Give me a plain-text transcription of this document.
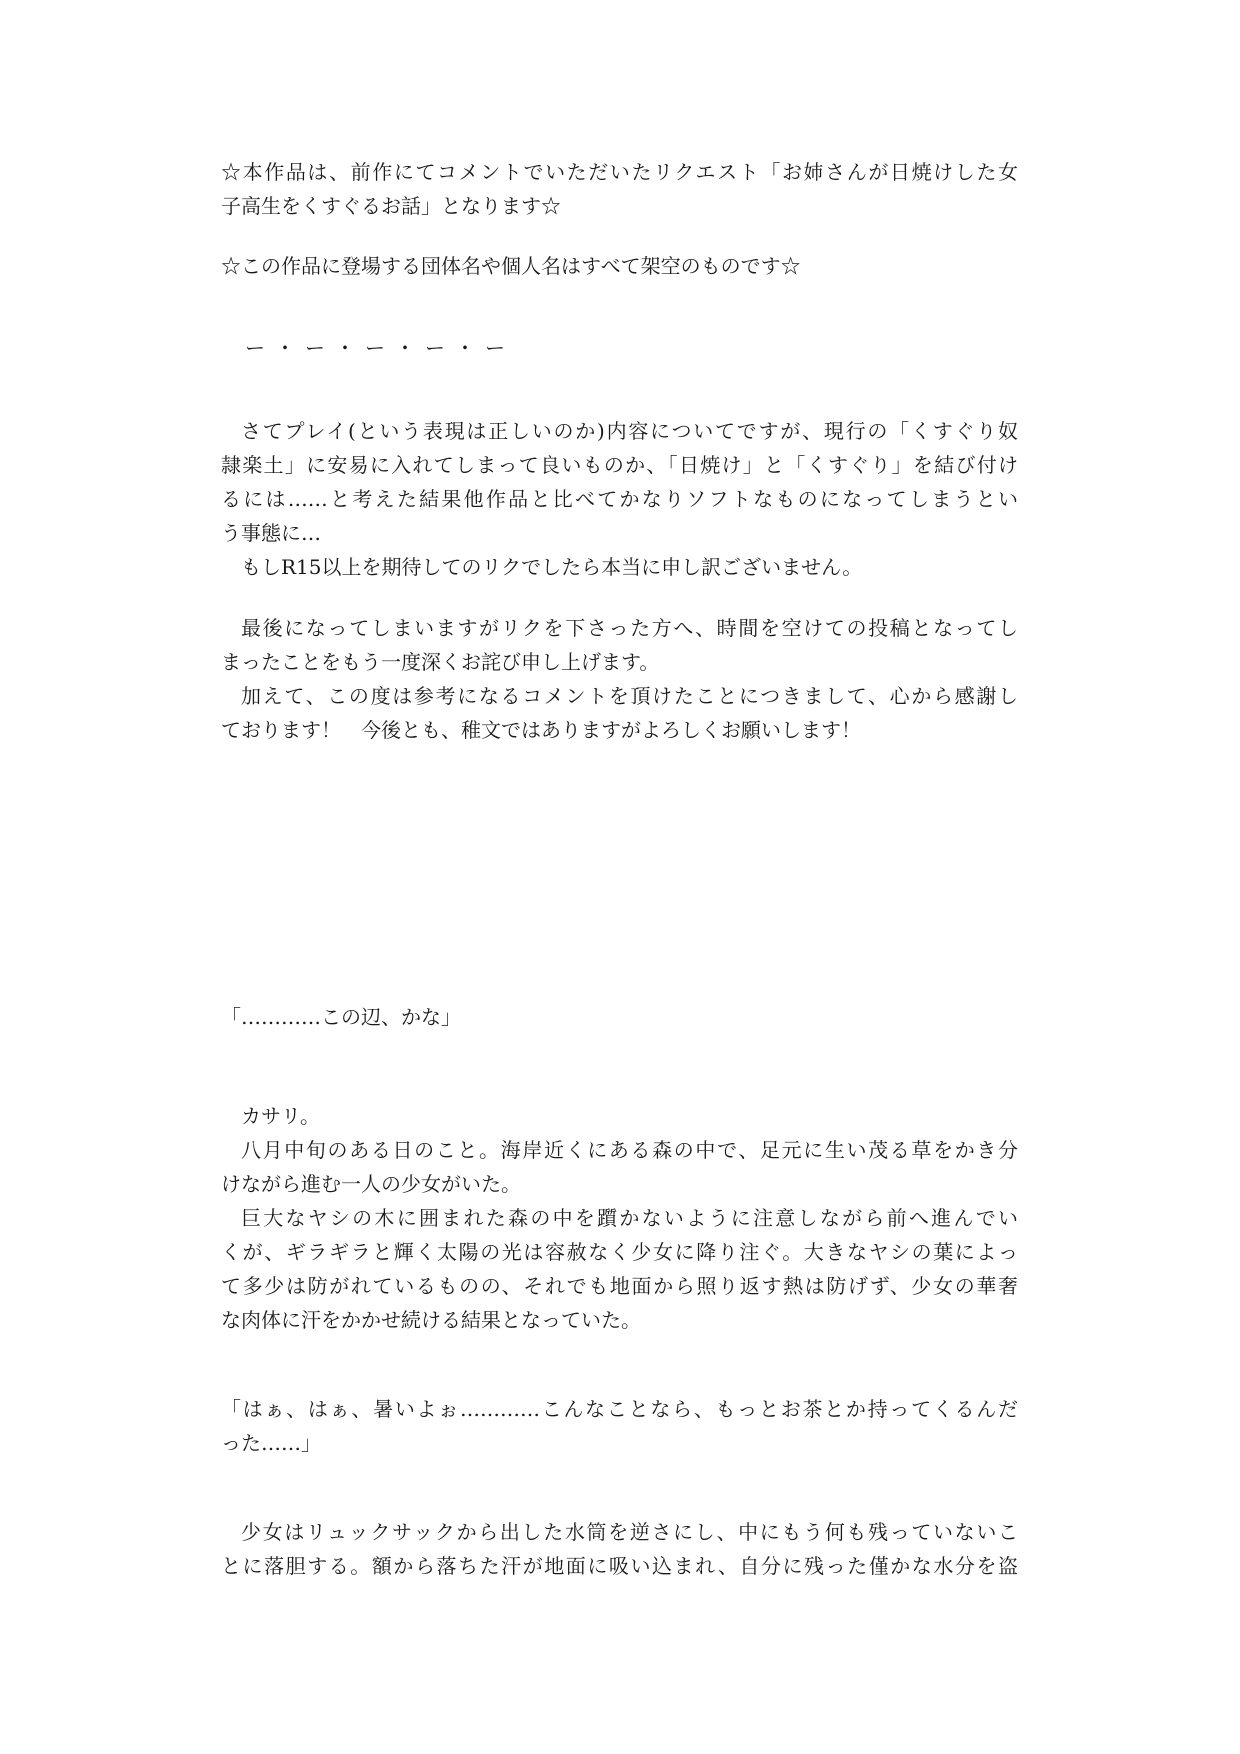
☆本作品は、前作にてコメントでいただいたリクエスト「お姉さんが日焼けした女
子高生をくすぐるお話」となります☆
☆この作品に登場する団体名や個人名はすべて架空のものです☆
ー・ー・ー・ー・ー
さてプレイ(という表現は正しいのか)内容についてですが、現行の「くすぐり奴
隷楽土」に安易に入れてしまって良いものか、「日焼け」と「くすぐり」を結び付け
るには……と考えた結果他作品と比べてかなりソフトなものになってしまうとい
う事態に…
もしR15以上を期待してのリクでしたら本当に申し訳ございません。
最後になってしまいますがリクを下さった方へ、時間を空けての投稿となってし
まったことをもう一度深くお詫び申し上げます。
加えて、この度は参考になるコメントを頂けたことにつきまして、心から感謝し
ております！　今後とも、稚文ではありますがよろしくお願いします！
「…………この辺、かな」
カサリ。
八月中旬のある日のこと。海岸近くにある森の中で、足元に生い茂る草をかき分
けながら進む一人の少女がいた。
巨大なヤシの木に囲まれた森の中を躓かないように注意しながら前へ進んでい
くが、ギラギラと輝く太陽の光は容赦なく少女に降り注ぐ。大きなヤシの葉によっ
て多少は防がれているものの、それでも地面から照り返す熱は防げず、少女の華奢
な肉体に汗をかかせ続ける結果となっていた。
「はぁ、はぁ、暑いよぉ…………こんなことなら、もっとお茶とか持ってくるんだ
った……」
少女はリュックサックから出した水筒を逆さにし、中にもう何も残っていないこ
とに落胆する。額から落ちた汗が地面に吸い込まれ、自分に残った僅かな水分を盗
